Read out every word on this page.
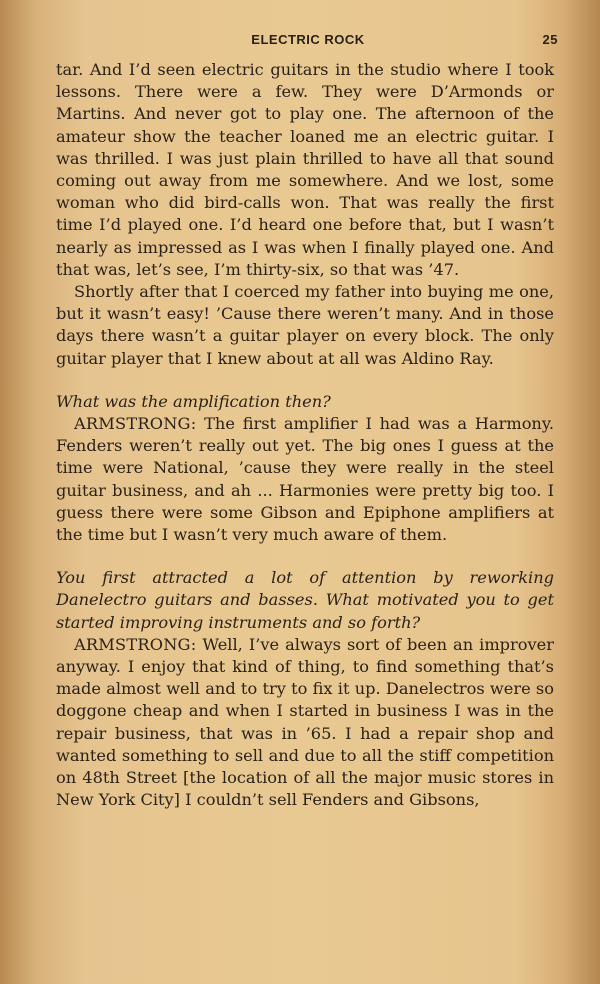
ELECTRIC ROCK	25

tar. And I’d seen electric guitars in the studio where I took lessons. There were a few. They were D’Armonds or Martins. And never got to play one. The afternoon of the amateur show the teacher loaned me an electric guitar. I was thrilled. I was just plain thrilled to have all that sound coming out away from me somewhere. And we lost, some woman who did bird-calls won. That was really the first time I’d played one. I’d heard one before that, but I wasn’t nearly as impressed as I was when I finally played one. And that was, let’s see, I’m thirty-six, so that was ’47.

Shortly after that I coerced my father into buying me one, but it wasn’t easy! ’Cause there weren’t many. And in those days there wasn’t a guitar player on every block. The only guitar player that I knew about at all was Aldino Ray.

What was the amplification then?

ARMSTRONG: The first amplifier I had was a Harmony. Fenders weren’t really out yet. The big ones I guess at the time were National, ’cause they were really in the steel guitar business, and ah ... Harmonies were pretty big too. I guess there were some Gibson and Epiphone amplifiers at the time but I wasn’t very much aware of them.

You first attracted a lot of attention by reworking Danelectro guitars and basses. What motivated you to get started improving instruments and so forth?

ARMSTRONG: Well, I’ve always sort of been an improver anyway. I enjoy that kind of thing, to find something that’s made almost well and to try to fix it up. Danelectros were so doggone cheap and when I started in business I was in the repair business, that was in ’65. I had a repair shop and wanted something to sell and due to all the stiff competition on 48th Street [the location of all the major music stores in New York City] I couldn’t sell Fenders and Gibsons,
